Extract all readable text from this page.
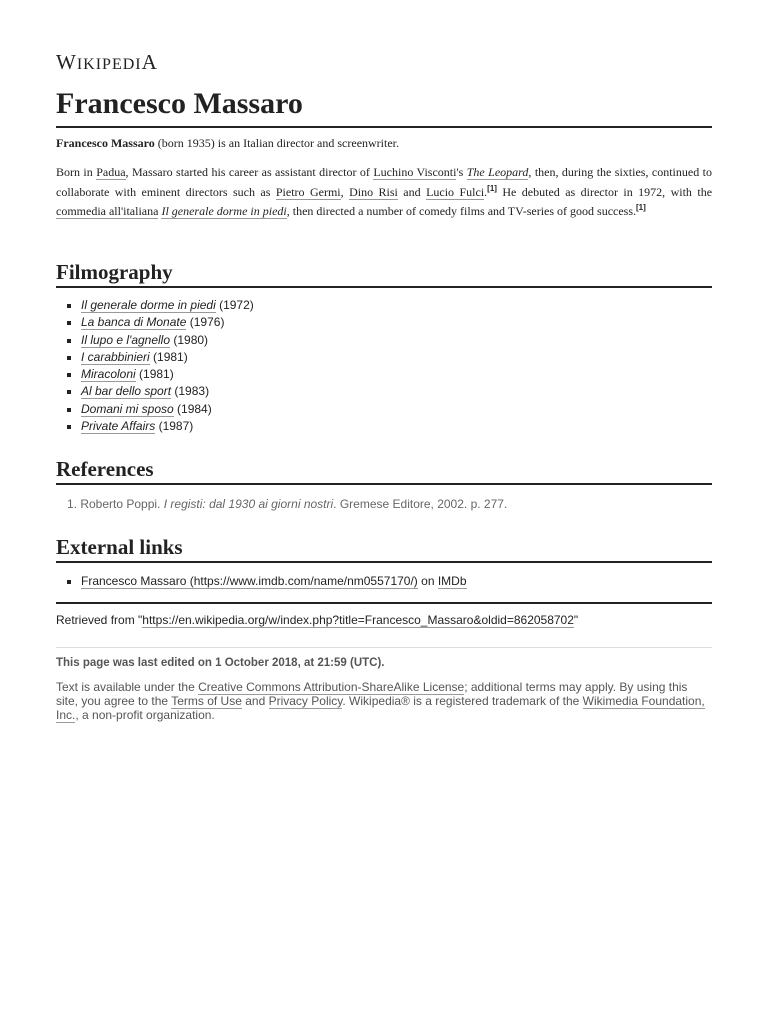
WIKIPEDIA
Francesco Massaro

Francesco Massaro (born 1935) is an Italian director and screenwriter.

Born in Padua, Massaro started his career as assistant director of Luchino Visconti's The Leopard, then, during the sixties, continued to collaborate with eminent directors such as Pietro Germi, Dino Risi and Lucio Fulci.[1] He debuted as director in 1972, with the commedia all'italiana Il generale dorme in piedi, then directed a number of comedy films and TV-series of good success.[1]

Filmography
Il generale dorme in piedi (1972)
La banca di Monate (1976)
Il lupo e l'agnello (1980)
I carabbinieri (1981)
Miracoloni (1981)
Al bar dello sport (1983)
Domani mi sposo (1984)
Private Affairs (1987)
References
1. Roberto Poppi. I registi: dal 1930 ai giorni nostri. Gremese Editore, 2002. p. 277.
External links
Francesco Massaro (https://www.imdb.com/name/nm0557170/) on IMDb
Retrieved from "https://en.wikipedia.org/w/index.php?title=Francesco_Massaro&oldid=862058702"
This page was last edited on 1 October 2018, at 21:59 (UTC).

Text is available under the Creative Commons Attribution-ShareAlike License; additional terms may apply. By using this site, you agree to the Terms of Use and Privacy Policy. Wikipedia® is a registered trademark of the Wikimedia Foundation, Inc., a non-profit organization.
